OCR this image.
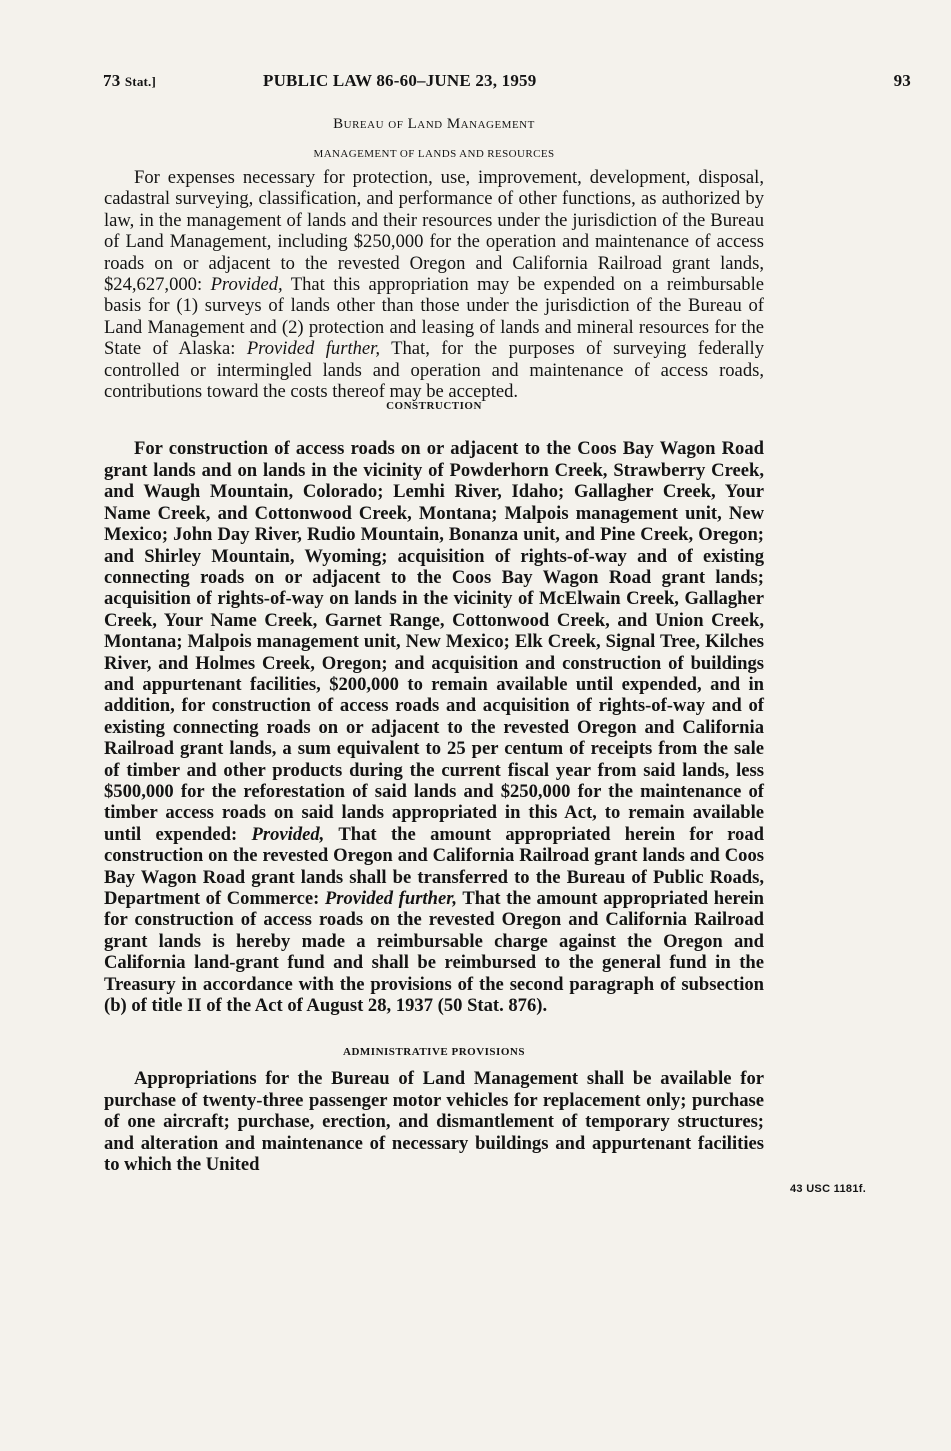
73 Stat.]	PUBLIC LAW 86-60–JUNE 23, 1959	93
Bureau of Land Management
MANAGEMENT OF LANDS AND RESOURCES

For expenses necessary for protection, use, improvement, development, disposal, cadastral surveying, classification, and performance of other functions, as authorized by law, in the management of lands and their resources under the jurisdiction of the Bureau of Land Management, including $250,000 for the operation and maintenance of access roads on or adjacent to the revested Oregon and California Railroad grant lands, $24,627,000: Provided, That this appropriation may be expended on a reimbursable basis for (1) surveys of lands other than those under the jurisdiction of the Bureau of Land Management and (2) protection and leasing of lands and mineral resources for the State of Alaska: Provided further, That, for the purposes of surveying federally controlled or intermingled lands and operation and maintenance of access roads, contributions toward the costs thereof may be accepted.

CONSTRUCTION

For construction of access roads on or adjacent to the Coos Bay Wagon Road grant lands and on lands in the vicinity of Powderhorn Creek, Strawberry Creek, and Waugh Mountain, Colorado; Lemhi River, Idaho; Gallagher Creek, Your Name Creek, and Cottonwood Creek, Montana; Malpois management unit, New Mexico; John Day River, Rudio Mountain, Bonanza unit, and Pine Creek, Oregon; and Shirley Mountain, Wyoming; acquisition of rights-of-way and of existing connecting roads on or adjacent to the Coos Bay Wagon Road grant lands; acquisition of rights-of-way on lands in the vicinity of McElwain Creek, Gallagher Creek, Your Name Creek, Garnet Range, Cottonwood Creek, and Union Creek, Montana; Malpois management unit, New Mexico; Elk Creek, Signal Tree, Kilches River, and Holmes Creek, Oregon; and acquisition and construction of buildings and appurtenant facilities, $200,000 to remain available until expended, and in addition, for construction of access roads and acquisition of rights-of-way and of existing connecting roads on or adjacent to the revested Oregon and California Railroad grant lands, a sum equivalent to 25 per centum of receipts from the sale of timber and other products during the current fiscal year from said lands, less $500,000 for the reforestation of said lands and $250,000 for the maintenance of timber access roads on said lands appropriated in this Act, to remain available until expended: Provided, That the amount appropriated herein for road construction on the revested Oregon and California Railroad grant lands and Coos Bay Wagon Road grant lands shall be transferred to the Bureau of Public Roads, Department of Commerce: Provided further, That the amount appropriated herein for construction of access roads on the revested Oregon and California Railroad grant lands is hereby made a reimbursable charge against the Oregon and California land-grant fund and shall be reimbursed to the general fund in the Treasury in accordance with the provisions of the second paragraph of subsection (b) of title II of the Act of August 28, 1937 (50 Stat. 876).

ADMINISTRATIVE PROVISIONS

Appropriations for the Bureau of Land Management shall be available for purchase of twenty-three passenger motor vehicles for replacement only; purchase of one aircraft; purchase, erection, and dismantlement of temporary structures; and alteration and maintenance of necessary buildings and appurtenant facilities to which the United

43 USC 1181f.
